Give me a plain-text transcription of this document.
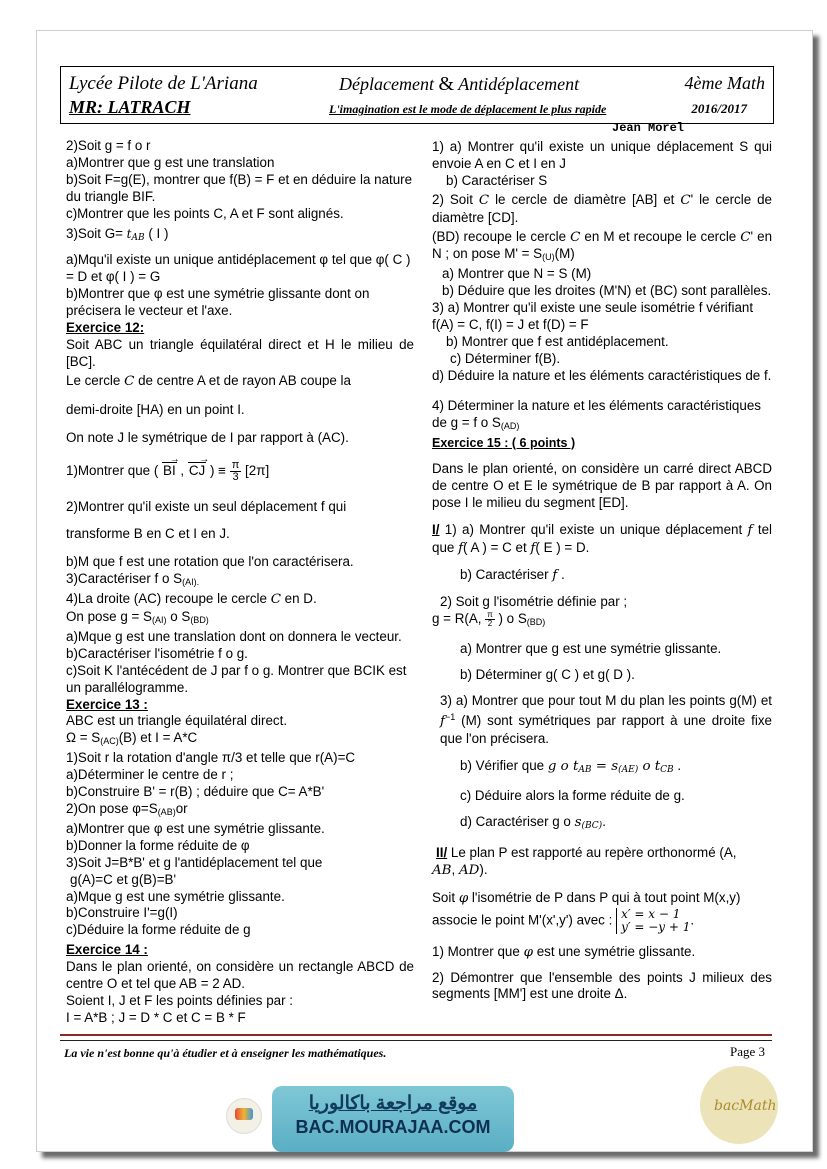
Lycée Pilote de L'Ariana	Déplacement & Antidéplacement	4ème Math
MR: LATRACH	L'imagination est le mode de déplacement le plus rapide	2016/2017
Jean Morel

2)Soit g = f o r

a)Montrer que g est une translation

b)Soit F=g(E), montrer que f(B) = F et en déduire la nature du triangle BIF.

c)Montrer que les points C, A et F sont alignés.

3)Soit $G= t_{AB}$ ( I )

a)Mqu'il existe un unique antidéplacement φ tel que φ( C ) = D et φ( I ) = G

b)Montrer que φ est une symétrie glissante dont on précisera le vecteur et l'axe.

Exercice 12:

Soit ABC un triangle équilatéral direct et H le milieu de [BC].

Le cercle C de centre A et de rayon AB coupe la

demi-droite [HA) en un point I.

On note J le symétrique de I par rapport à (AC).

1)Montrer que ( BI → , CJ → ) ≡ $\frac{\pi}{3} [2\pi]$

2)Montrer qu'il existe un seul déplacement f qui

transforme B en C et I en J.

b)M que f est une rotation que l'on caractérisera.

3)Caractériser f o $S_{(AI).}$

4)La droite (AC) recoupe le cercle C en D.

On pose $g = S_{(AI)}$ o $S_{(BD)}$

a)Mque g est une translation dont on donnera le vecteur.

b)Caractériser l'isométrie f o g.

c)Soit K l'antécédent de J par f o g. Montrer que BCIK est un parallélogramme.

Exercice 13 :

ABC est un triangle équilatéral direct.

$\Omega = S_{(AC)}(B)$ et I = A*C

1)Soit r la rotation d'angle π/3 et telle que r(A)=C

a)Déterminer le centre de r ;

b)Construire B' = r(B) ; déduire que C= A*B'

2)On pose $\varphi=S_{(AB)}or$

a)Montrer que φ est une symétrie glissante.

b)Donner la forme réduite de φ

3)Soit J=B*B' et g l'antidéplacement tel que

g(A)=C et g(B)=B'

a)Mque g est une symétrie glissante.

b)Construire I'=g(I)

c)Déduire la forme réduite de g

Exercice 14 :

Dans le plan orienté, on considère un rectangle ABCD de centre O et tel que AB = 2 AD.

Soient I, J et F les points définies par :

I = A*B ; J = D * C et C = B * F

1) a) Montrer qu'il existe un unique déplacement S qui envoie A en C et I en J

b) Caractériser S

2) Soit C le cercle de diamètre [AB] et C' le cercle de diamètre [CD].

(BD) recoupe le cercle C en M et recoupe le cercle C' en N ; on pose $M' = S_{(U)}(M)$

a) Montrer que N = S (M)

b) Déduire que les droites (M'N) et (BC) sont parallèles.

3) a) Montrer qu'il existe une seule isométrie f vérifiant f(A) = C, f(I) = J et f(D) = F

b) Montrer que f est antidéplacement.

c) Déterminer f(B).

d) Déduire la nature et les éléments caractéristiques de f.

4) Déterminer la nature et les éléments caractéristiques de g = f o $S_{(AD)}$

Exercice 15 : ( 6 points )

Dans le plan orienté, on considère un carré direct ABCD de centre O et E le symétrique de B par rapport à A. On pose I le milieu du segment [ED].

I/ 1) a) Montrer qu'il existe un unique déplacement f tel que f( A ) = C et f( E ) = D.

b) Caractériser f .

2) Soit g l'isométrie définie par ;

g = R(A, $\frac{\pi}{2}$ ) o $S_{(BD)}$

a) Montrer que g est une symétrie glissante.

b) Déterminer g( C ) et g( D ).

3) a) Montrer que pour tout M du plan les points g(M) et $f^{-1}$ (M) sont symétriques par rapport à une droite fixe que l'on précisera.

b) Vérifier que g o $t_{AB} = s_{(AE)}$ o $t_{CB}$ .

c) Déduire alors la forme réduite de g.

d) Caractériser g o $s_{(BC)}$.

II/ Le plan P est rapporté au repère orthonormé (A,

AB, AD).

Soit φ l'isométrie de P dans P qui à tout point M(x,y)

associe le point M'(x',y') avec : x′ = x − 1
y′ = −y + 1.

1) Montrer que φ est une symétrie glissante.

2) Démontrer que l'ensemble des points J milieux des segments [MM'] est une droite Δ.

La vie n'est bonne qu'à étudier et à enseigner les mathématiques.	Page 3
موقع مراجعة باكالوريا
BAC.MOURAJAA.COM
bacMath
